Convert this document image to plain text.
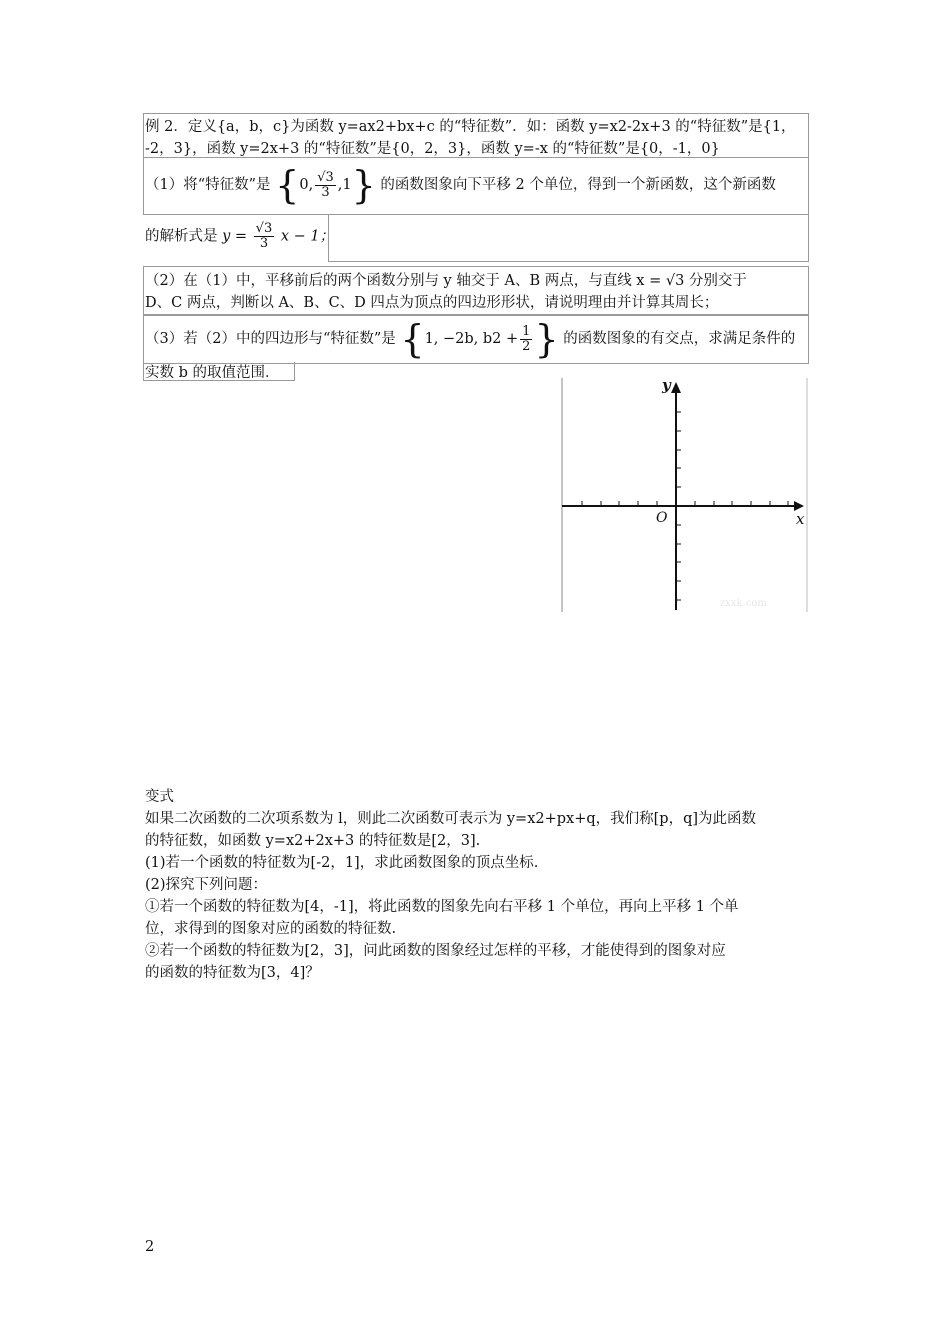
例 2．定义{a，b，c}为函数 y=ax2+bx+c 的“特征数”．如：函数 y=x2-2x+3 的“特征数”是{1，
-2，3}，函数 y=2x+3 的“特征数”是{0，2，3}，函数 y=-x 的“特征数”是{0，-1，0}
（1）将“特征数”是 {0, $\frac{√3}{3} ,1$} 的函数图象向下平移 2 个单位，得到一个新函数，这个新函数
的解析式是 $y = \frac{√3}{3}$ x − 1；
（2）在（1）中，平移前后的两个函数分别与 y 轴交于 A、B 两点，与直线 x = √3 分别交于
D、C 两点，判断以 A、B、C、D 四点为顶点的四边形形状，请说明理由并计算其周长；
（3）若（2）中的四边形与“特征数”是 {1, −2b, $b2 + \frac{1}{2}$ } 的函数图象的有交点，求满足条件的
实数 b 的取值范围．
y
x
O
zxxk.com
变式
如果二次函数的二次项系数为 l，则此二次函数可表示为 y=x2+px+q，我们称[p，q]为此函数
的特征数，如函数 y=x2+2x+3 的特征数是[2，3].
(1)若一个函数的特征数为[-2，1]，求此函数图象的顶点坐标.
(2)探究下列问题：
①若一个函数的特征数为[4，-1]，将此函数的图象先向右平移 1 个单位，再向上平移 1 个单
位，求得到的图象对应的函数的特征数.
②若一个函数的特征数为[2，3]，问此函数的图象经过怎样的平移，才能使得到的图象对应
的函数的特征数为[3，4]？
2
